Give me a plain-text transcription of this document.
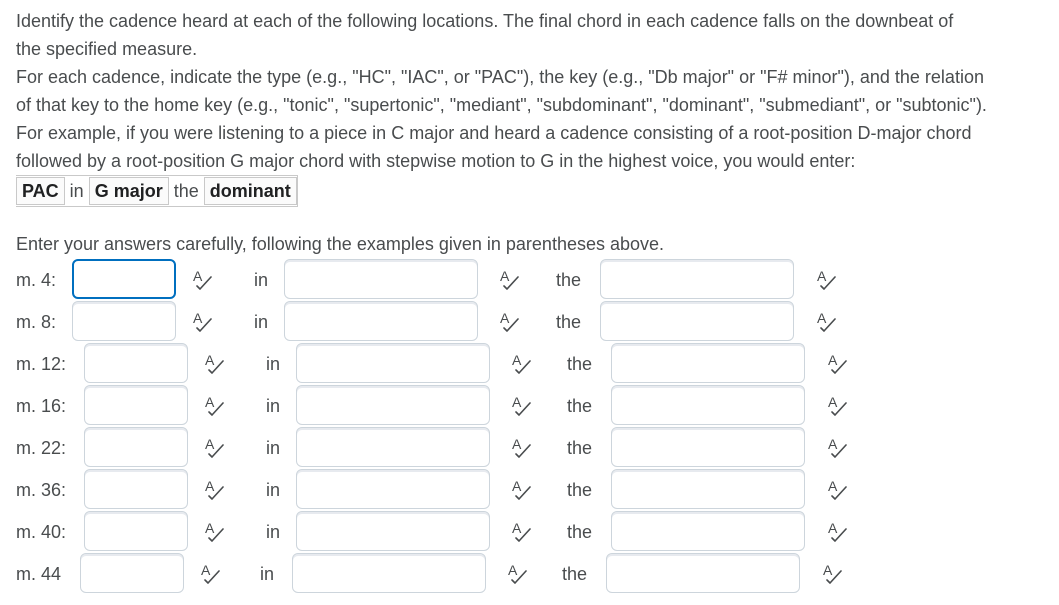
Identify the cadence heard at each of the following locations. The final chord in each cadence falls on the downbeat of

the specified measure.

For each cadence, indicate the type (e.g., "HC", "IAC", or "PAC"), the key (e.g., "Db major" or "F# minor"), and the relation

of that key to the home key (e.g., "tonic", "supertonic", "mediant", "subdominant", "dominant", "submediant", or "subtonic").

For example, if you were listening to a piece in C major and heard a cadence consisting of a root-position D-major chord

followed by a root-position G major chord with stepwise motion to G in the highest voice, you would enter:

PAC in G major the dominant
Enter your answers carefully, following the examples given in parentheses above.
m. 4:	A	in	A	the	A
m. 8:	A	in	A	the	A
m. 12:	A	in	A	the	A
m. 16:	A	in	A	the	A
m. 22:	A	in	A	the	A
m. 36:	A	in	A	the	A
m. 40:	A	in	A	the	A
m. 44	A	in	A the	A
